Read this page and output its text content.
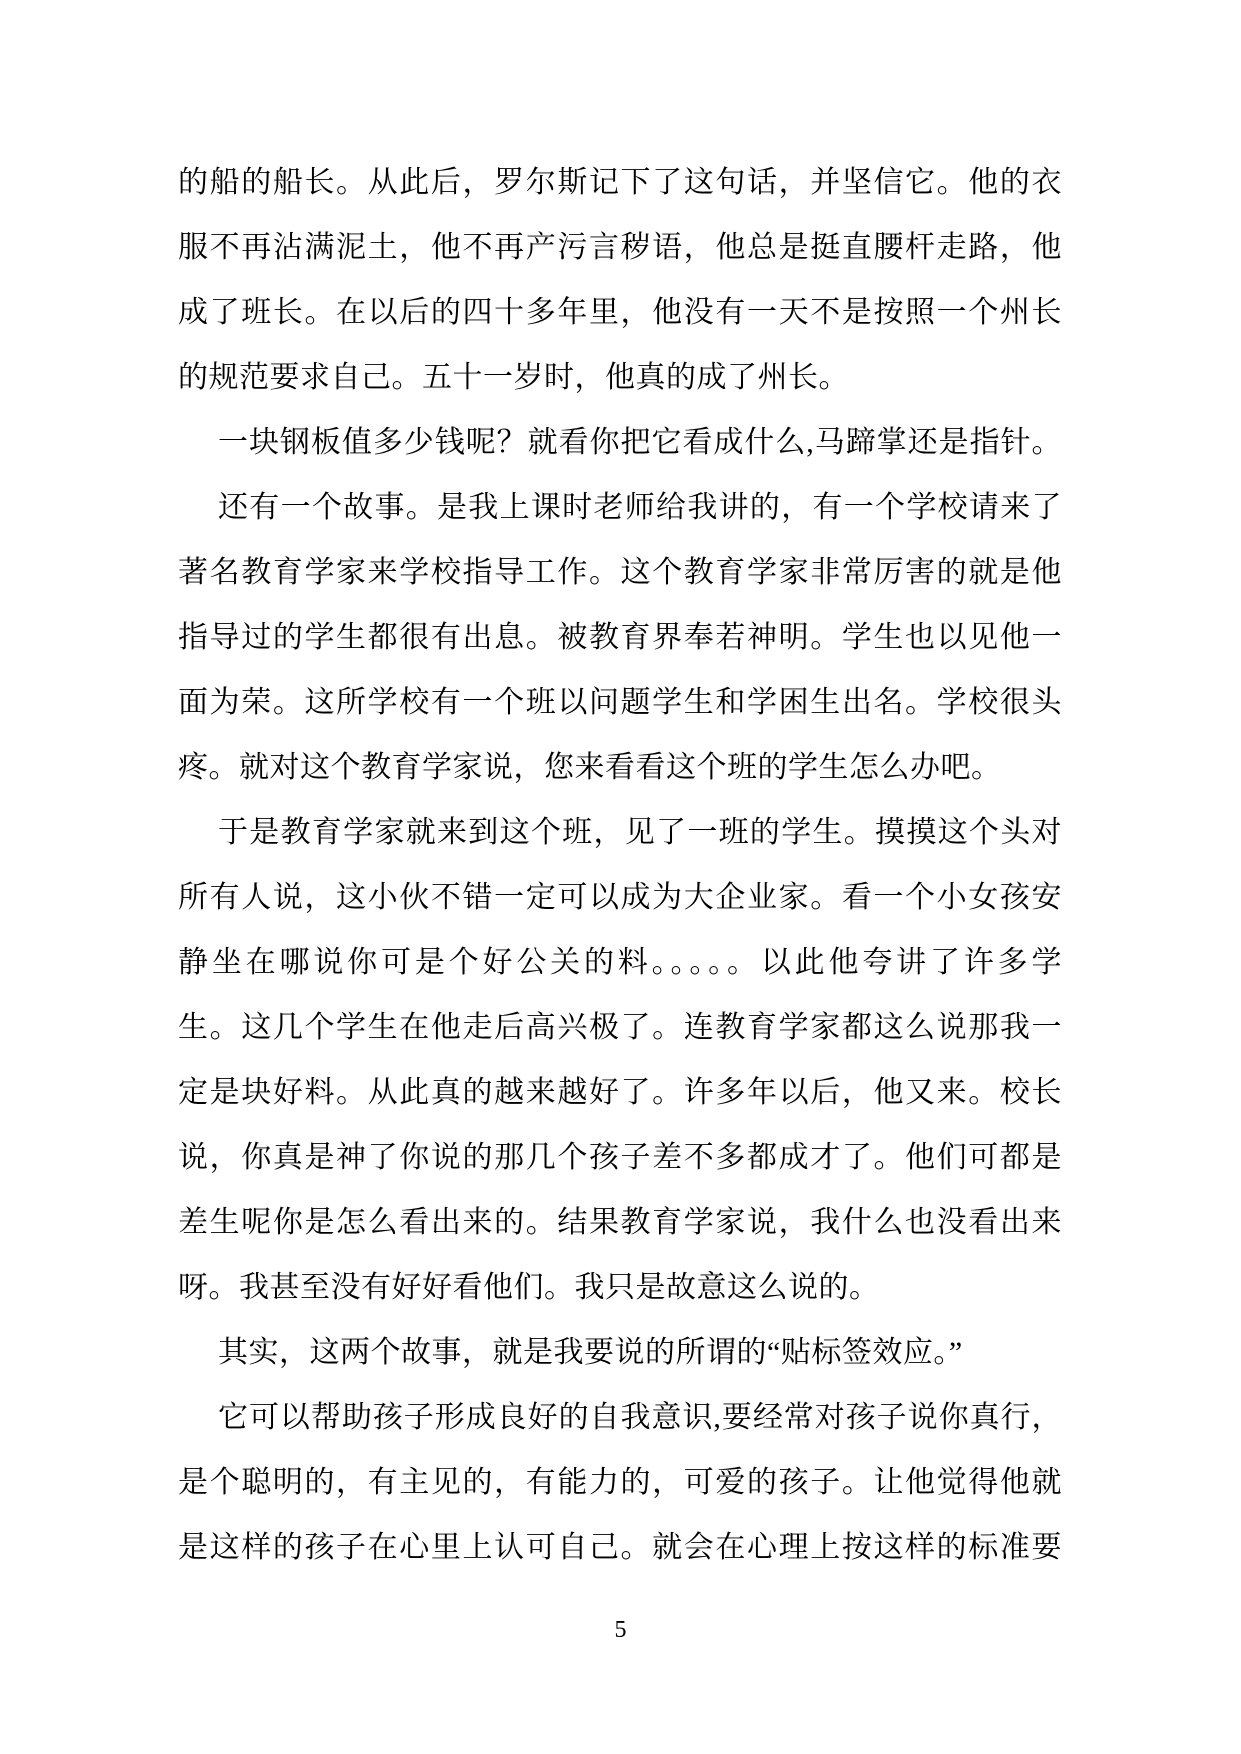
的船的船长。从此后，罗尔斯记下了这句话，并坚信它。他的衣
服不再沾满泥土，他不再产污言秽语，他总是挺直腰杆走路，他
成了班长。在以后的四十多年里，他没有一天不是按照一个州长
的规范要求自己。五十一岁时，他真的成了州长。
一块钢板值多少钱呢？就看你把它看成什么,马蹄掌还是指针。
还有一个故事。是我上课时老师给我讲的，有一个学校请来了
著名教育学家来学校指导工作。这个教育学家非常厉害的就是他
指导过的学生都很有出息。被教育界奉若神明。学生也以见他一
面为荣。这所学校有一个班以问题学生和学困生出名。学校很头
疼。就对这个教育学家说，您来看看这个班的学生怎么办吧。
于是教育学家就来到这个班，见了一班的学生。摸摸这个头对
所有人说，这小伙不错一定可以成为大企业家。看一个小女孩安
静坐在哪说你可是个好公关的料。。。。。以此他夸讲了许多学
生。这几个学生在他走后高兴极了。连教育学家都这么说那我一
定是块好料。从此真的越来越好了。许多年以后，他又来。校长
说，你真是神了你说的那几个孩子差不多都成才了。他们可都是
差生呢你是怎么看出来的。结果教育学家说，我什么也没看出来
呀。我甚至没有好好看他们。我只是故意这么说的。
其实，这两个故事，就是我要说的所谓的“贴标签效应。”
它可以帮助孩子形成良好的自我意识,要经常对孩子说你真行，
是个聪明的，有主见的，有能力的，可爱的孩子。让他觉得他就
是这样的孩子在心里上认可自己。就会在心理上按这样的标准要
5
